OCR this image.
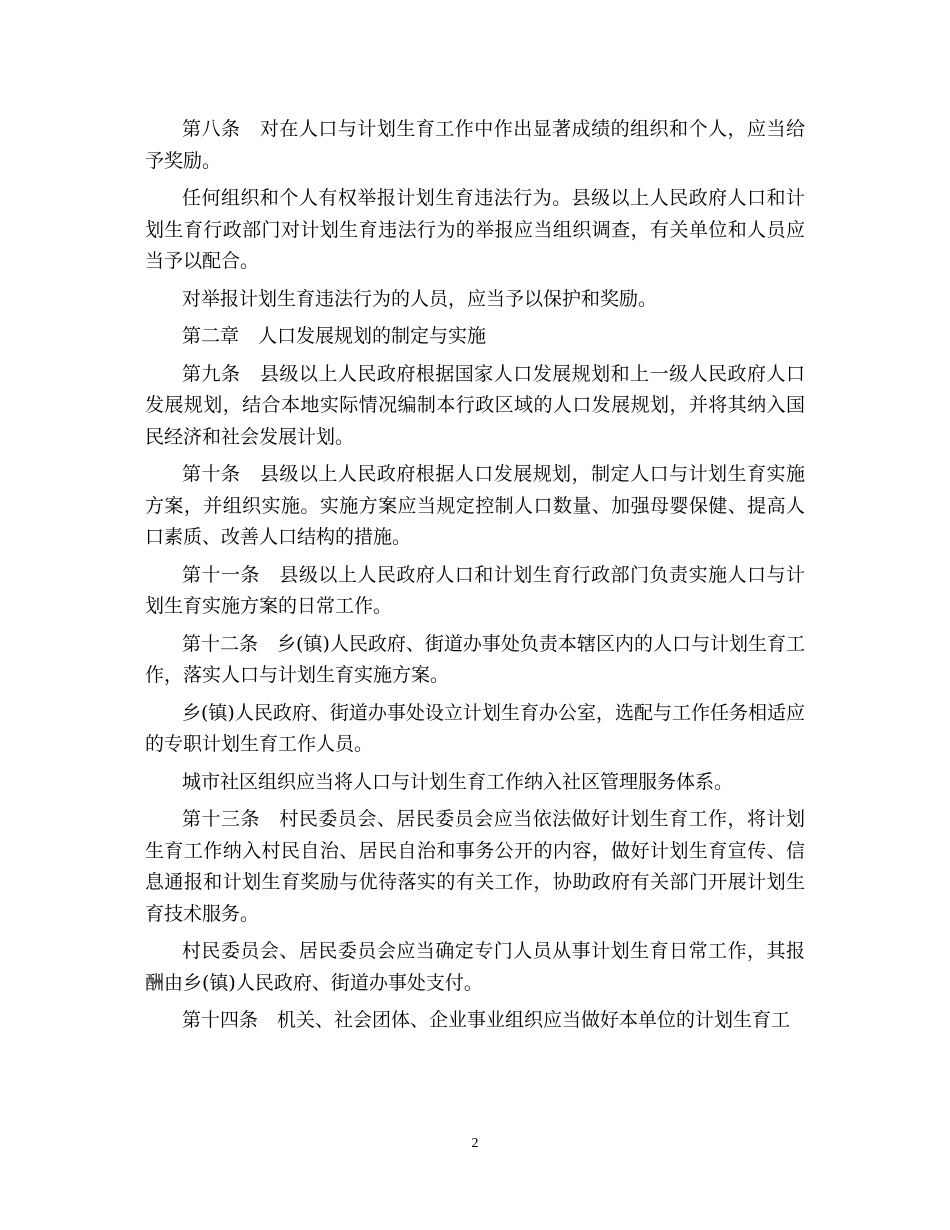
第八条　对在人口与计划生育工作中作出显著成绩的组织和个人，应当给予奖励。

任何组织和个人有权举报计划生育违法行为。县级以上人民政府人口和计划生育行政部门对计划生育违法行为的举报应当组织调查，有关单位和人员应当予以配合。

对举报计划生育违法行为的人员，应当予以保护和奖励。

第二章　人口发展规划的制定与实施

第九条　县级以上人民政府根据国家人口发展规划和上一级人民政府人口发展规划，结合本地实际情况编制本行政区域的人口发展规划，并将其纳入国民经济和社会发展计划。

第十条　县级以上人民政府根据人口发展规划，制定人口与计划生育实施方案，并组织实施。实施方案应当规定控制人口数量、加强母婴保健、提高人口素质、改善人口结构的措施。

第十一条　县级以上人民政府人口和计划生育行政部门负责实施人口与计划生育实施方案的日常工作。

第十二条　乡(镇)人民政府、街道办事处负责本辖区内的人口与计划生育工作，落实人口与计划生育实施方案。

乡(镇)人民政府、街道办事处设立计划生育办公室，选配与工作任务相适应的专职计划生育工作人员。

城市社区组织应当将人口与计划生育工作纳入社区管理服务体系。

第十三条　村民委员会、居民委员会应当依法做好计划生育工作，将计划生育工作纳入村民自治、居民自治和事务公开的内容，做好计划生育宣传、信息通报和计划生育奖励与优待落实的有关工作，协助政府有关部门开展计划生育技术服务。

村民委员会、居民委员会应当确定专门人员从事计划生育日常工作，其报酬由乡(镇)人民政府、街道办事处支付。

第十四条　机关、社会团体、企业事业组织应当做好本单位的计划生育工

2
